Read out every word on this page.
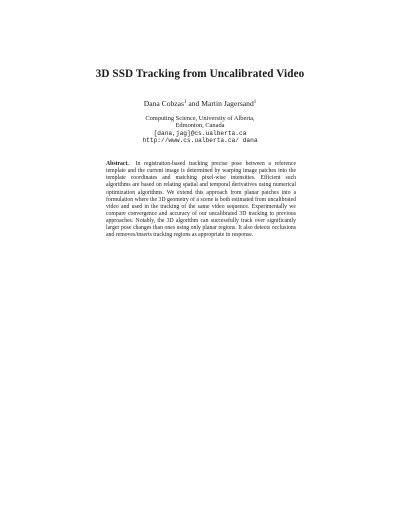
3D SSD Tracking from Uncalibrated Video
Dana Cobzas$^1$ and Martin Jagersand$^1$
Computing Science, University of Alberta,
Edmonton, Canada
[dana,jag]@cs.ualberta.ca
http://www.cs.ualberta.ca/ dana
Abstract. In registration-based tracking precise pose between a reference template and the current image is determined by warping image patches into the template coordinates and matching pixel-wise intensities. Efficient such algorithms are based on relating spatial and temporal derivatives using numerical optimization algorithms. We extend this approach from planar patches into a formulation where the 3D geometry of a scene is both estimated from uncalibrated video and used in the tracking of the same video sequence. Experimentally we compare convergence and accuracy of our uncalibrated 3D tracking to previous approaches. Notably, the 3D algorithm can successfully track over significantly larger pose changes than ones using only planar regions. It also detects occlusions and removes/inserts tracking regions as appropriate in response.
